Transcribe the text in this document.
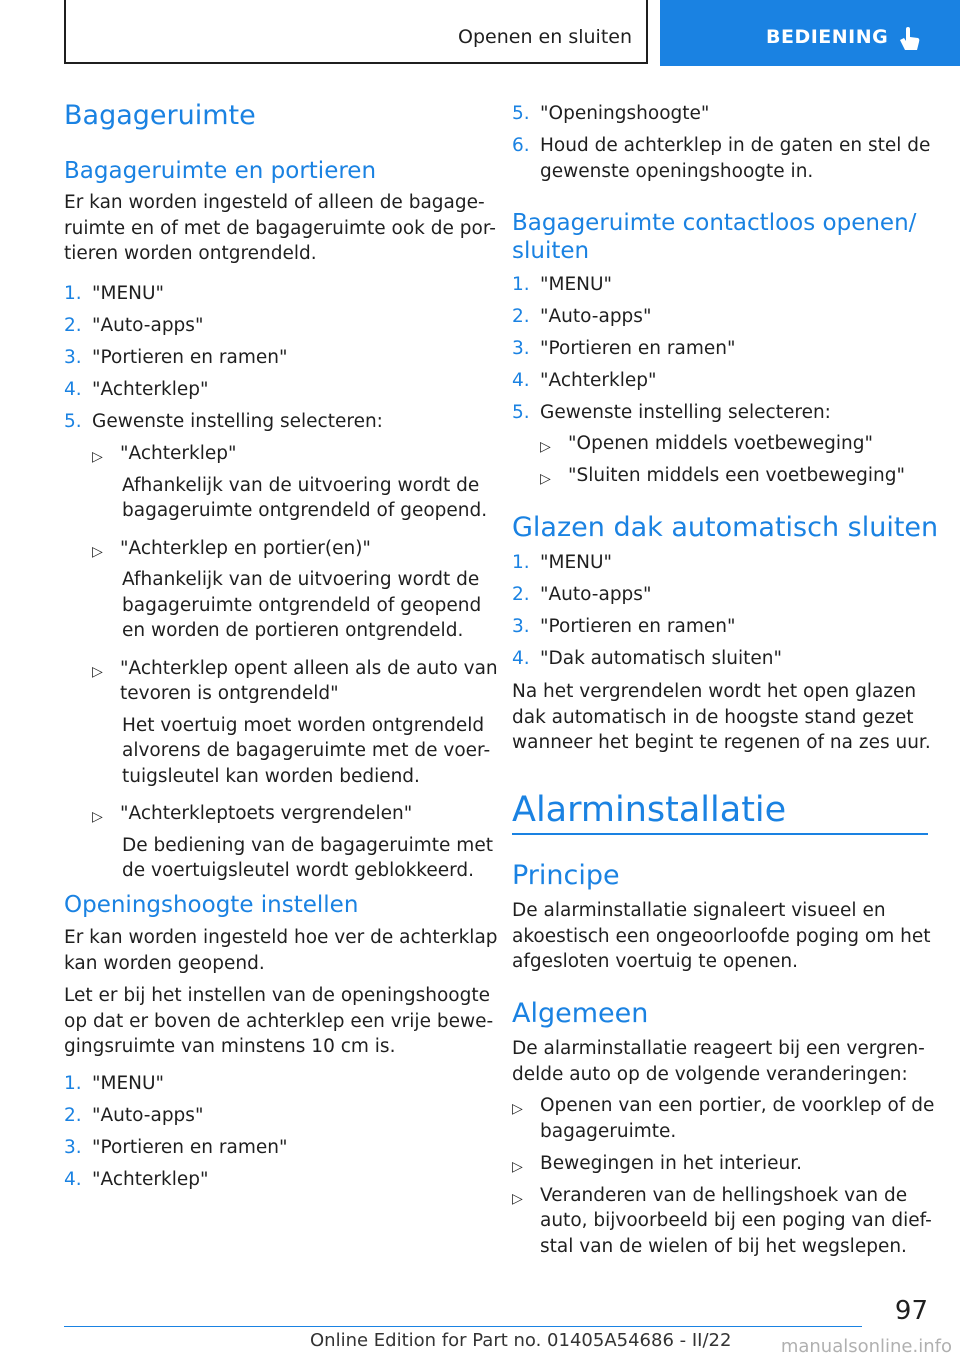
Openen en sluiten	BEDIENING
Bagageruimte
Bagageruimte en portieren
Er kan worden ingesteld of alleen de bagage-
ruimte en of met de bagageruimte ook de por-
tieren worden ontgrendeld.
1. "MENU"
2. "Auto-apps"
3. "Portieren en ramen"
4. "Achterklep"
5. Gewenste instelling selecteren:
▷ "Achterklep"
Afhankelijk van de uitvoering wordt de
bagageruimte ontgrendeld of geopend.
▷ "Achterklep en portier(en)"
Afhankelijk van de uitvoering wordt de
bagageruimte ontgrendeld of geopend
en worden de portieren ontgrendeld.
▷ "Achterklep opent alleen als de auto van
tevoren is ontgrendeld"
Het voertuig moet worden ontgrendeld
alvorens de bagageruimte met de voer-
tuigsleutel kan worden bediend.
▷ "Achterkleptoets vergrendelen"
De bediening van de bagageruimte met
de voertuigsleutel wordt geblokkeerd.
Openingshoogte instellen
Er kan worden ingesteld hoe ver de achterklap
kan worden geopend.
Let er bij het instellen van de openingshoogte
op dat er boven de achterklep een vrije bewe-
gingsruimte van minstens 10 cm is.
1. "MENU"
2. "Auto-apps"
3. "Portieren en ramen"
4. "Achterklep"
5. "Openingshoogte"
6. Houd de achterklep in de gaten en stel de
gewenste openingshoogte in.
Bagageruimte contactloos openen/
sluiten
1. "MENU"
2. "Auto-apps"
3. "Portieren en ramen"
4. "Achterklep"
5. Gewenste instelling selecteren:
▷ "Openen middels voetbeweging"
▷ "Sluiten middels een voetbeweging"
Glazen dak automatisch sluiten
1. "MENU"
2. "Auto-apps"
3. "Portieren en ramen"
4. "Dak automatisch sluiten"
Na het vergrendelen wordt het open glazen
dak automatisch in de hoogste stand gezet
wanneer het begint te regenen of na zes uur.
Alarminstallatie
Principe
De alarminstallatie signaleert visueel en
akoestisch een ongeoorloofde poging om het
afgesloten voertuig te openen.
Algemeen
De alarminstallatie reageert bij een vergren-
delde auto op de volgende veranderingen:
▷ Openen van een portier, de voorklep of de
bagageruimte.
▷ Bewegingen in het interieur.
▷ Veranderen van de hellingshoek van de
auto, bijvoorbeeld bij een poging van dief-
stal van de wielen of bij het wegslepen.
97
Online Edition for Part no. 01405A54686 - II/22	manualsonline.info
